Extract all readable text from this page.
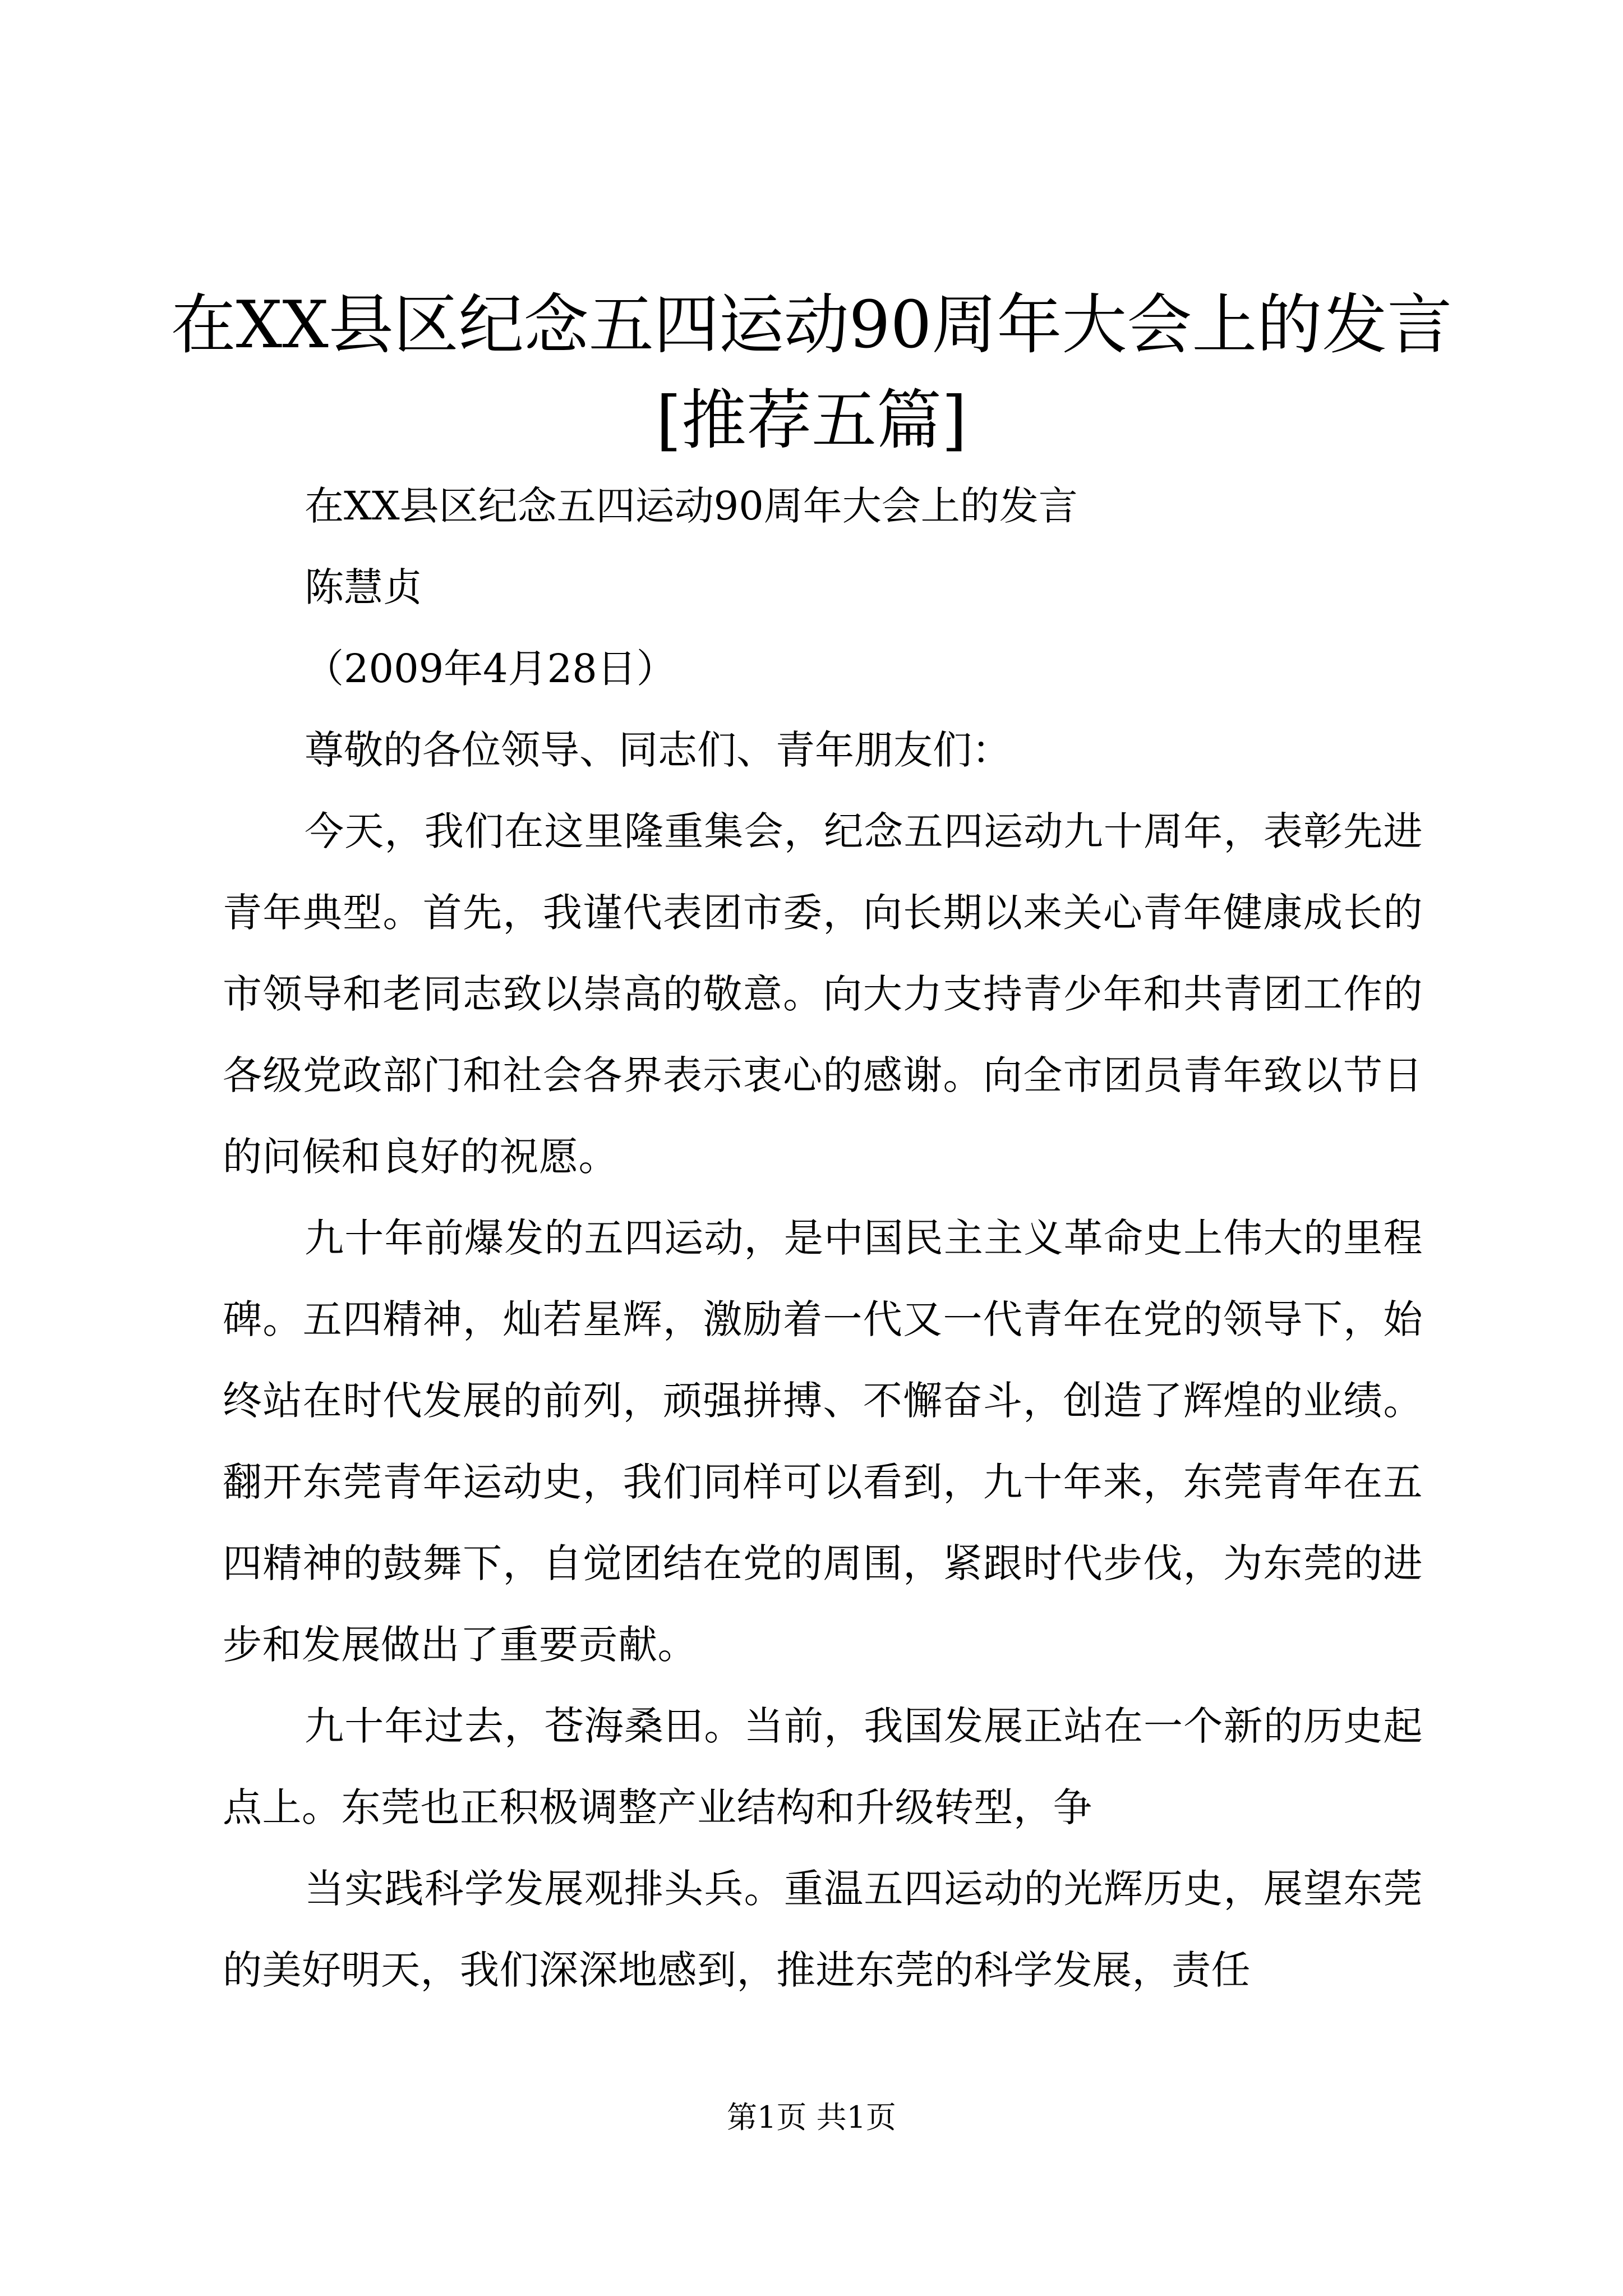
在XX县区纪念五四运动90周年大会上的发言
[推荐五篇]

在XX县区纪念五四运动90周年大会上的发言

陈慧贞

（2009年4月28日）

尊敬的各位领导、同志们、青年朋友们：

今天，我们在这里隆重集会，纪念五四运动九十周年，表彰先进青年典型。首先，我谨代表团市委，向长期以来关心青年健康成长的市领导和老同志致以崇高的敬意。向大力支持青少年和共青团工作的各级党政部门和社会各界表示衷心的感谢。向全市团员青年致以节日的问候和良好的祝愿。

九十年前爆发的五四运动，是中国民主主义革命史上伟大的里程碑。五四精神，灿若星辉，激励着一代又一代青年在党的领导下，始终站在时代发展的前列，顽强拼搏、不懈奋斗，创造了辉煌的业绩。翻开东莞青年运动史，我们同样可以看到，九十年来，东莞青年在五四精神的鼓舞下，自觉团结在党的周围，紧跟时代步伐，为东莞的进步和发展做出了重要贡献。

九十年过去，苍海桑田。当前，我国发展正站在一个新的历史起点上。东莞也正积极调整产业结构和升级转型，争

当实践科学发展观排头兵。重温五四运动的光辉历史，展望东莞的美好明天，我们深深地感到，推进东莞的科学发展，责任

第1页 共1页
